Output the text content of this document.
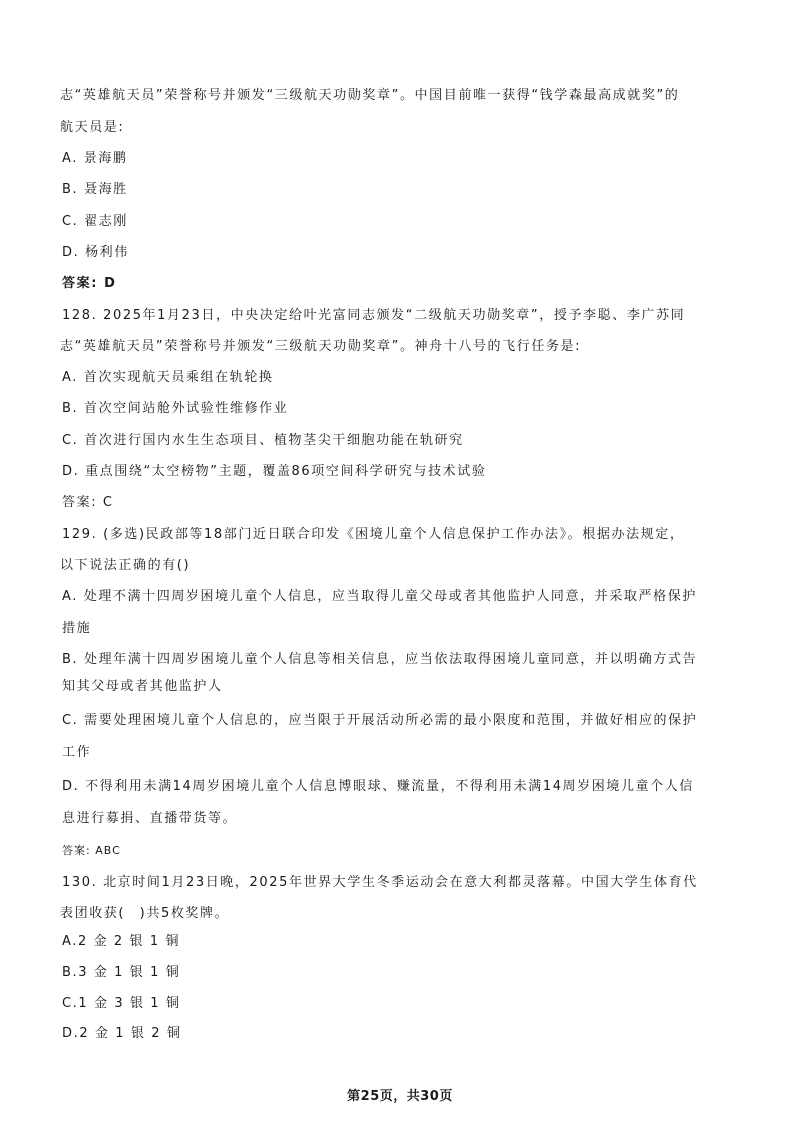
志“英雄航天员”荣誉称号并颁发“三级航天功勋奖章”。中国目前唯一获得“钱学森最高成就奖”的
航天员是:
A. 景海鹏
B. 聂海胜
C. 翟志刚
D. 杨利伟
答案: D
128. 2025年1月23日，中央决定给叶光富同志颁发“二级航天功勋奖章”，授予李聪、李广苏同
志“英雄航天员”荣誉称号并颁发“三级航天功勋奖章”。神舟十八号的飞行任务是:
A. 首次实现航天员乘组在轨轮换
B. 首次空间站舱外试验性维修作业
C. 首次进行国内水生生态项目、植物茎尖干细胞功能在轨研究
D. 重点围绕“太空榜物”主题，覆盖86项空间科学研究与技术试验
答案: C
129. (多选)民政部等18部门近日联合印发《困境儿童个人信息保护工作办法》。根据办法规定，
以下说法正确的有()
A. 处理不满十四周岁困境儿童个人信息，应当取得儿童父母或者其他监护人同意，并采取严格保护
措施
B. 处理年满十四周岁困境儿童个人信息等相关信息，应当依法取得困境儿童同意，并以明确方式告
知其父母或者其他监护人
C. 需要处理困境儿童个人信息的，应当限于开展活动所必需的最小限度和范围，并做好相应的保护
工作
D. 不得利用未满14周岁困境儿童个人信息博眼球、赚流量，不得利用未满14周岁困境儿童个人信
息进行募捐、直播带货等。
答案: ABC
130. 北京时间1月23日晚，2025年世界大学生冬季运动会在意大利都灵落幕。中国大学生体育代
表团收获(　)共5枚奖牌。
A.2 金 2 银 1 铜
B.3 金 1 银 1 铜
C.1 金 3 银 1 铜
D.2 金 1 银 2 铜
第25页，共30页
